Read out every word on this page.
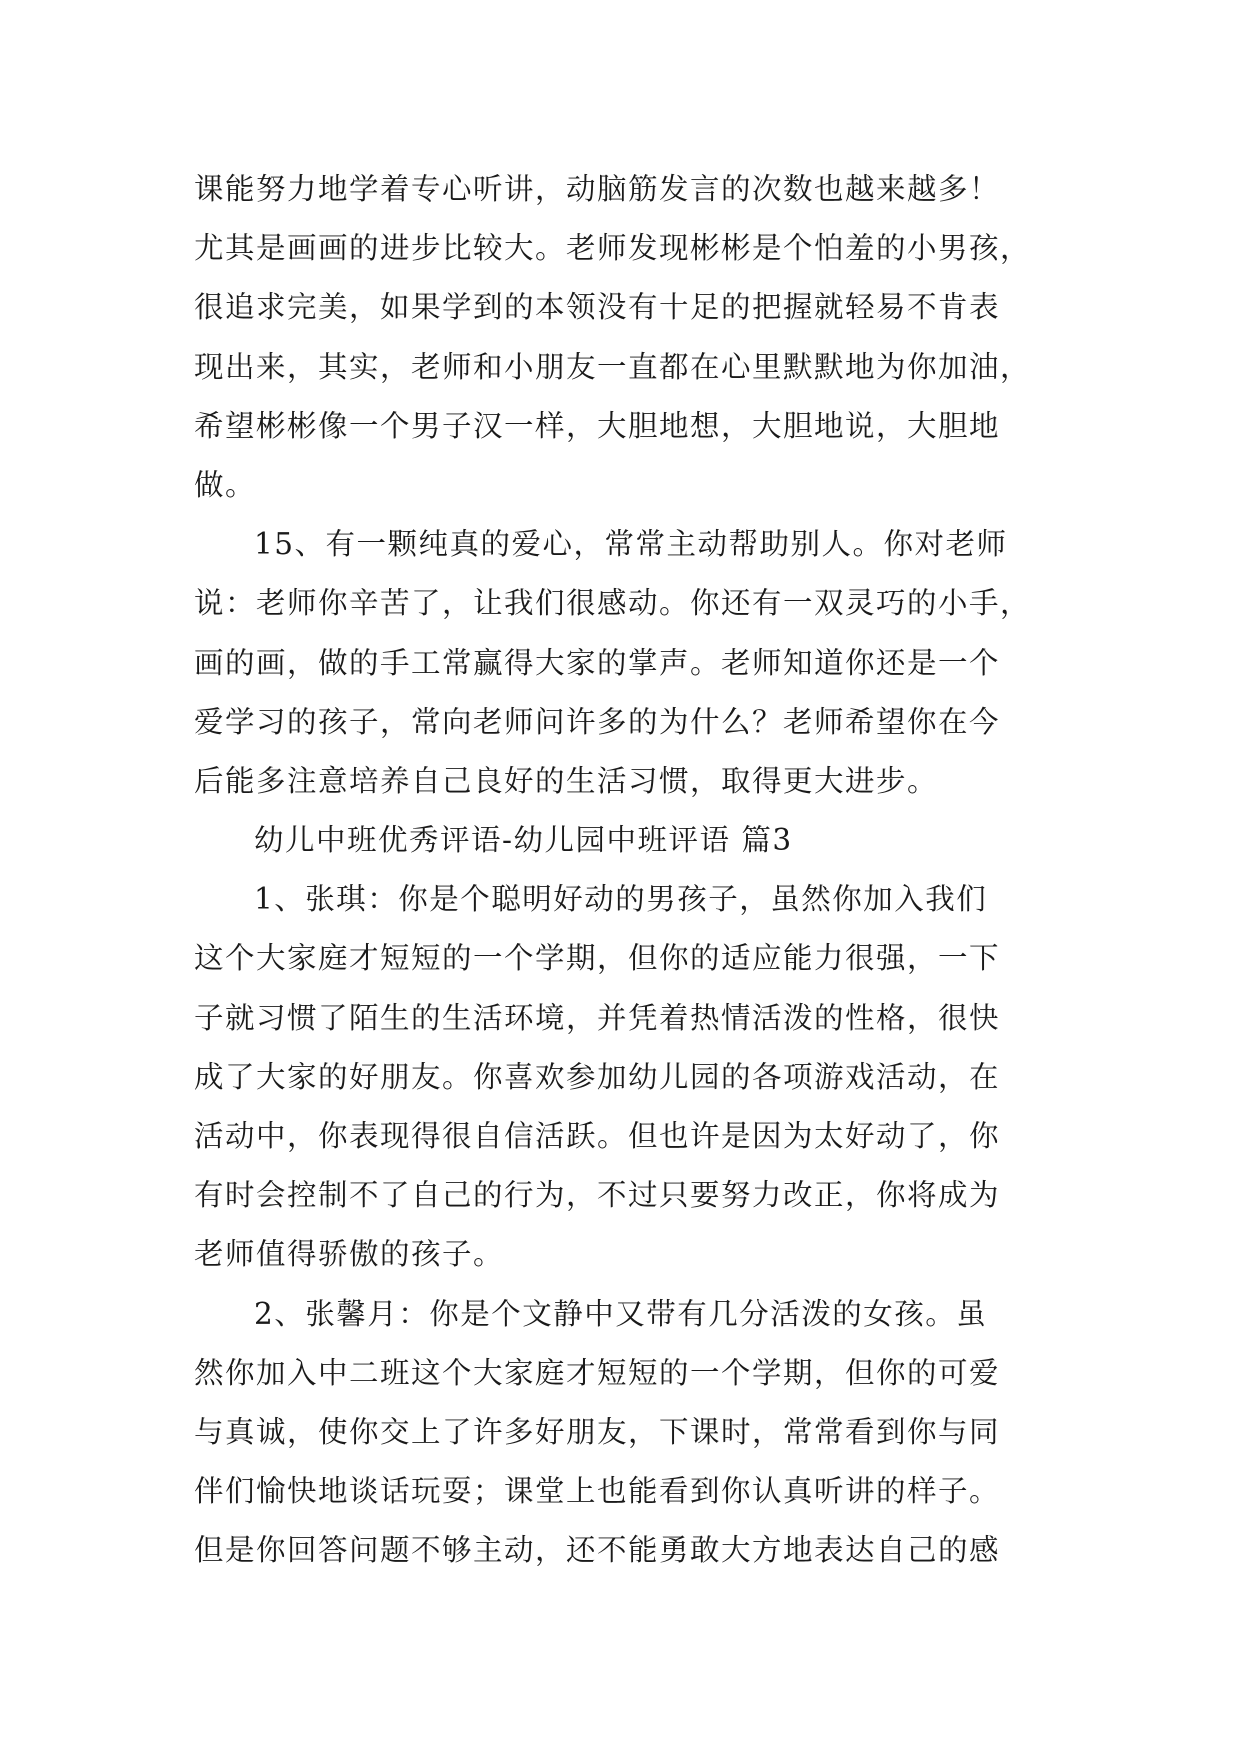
课能努力地学着专心听讲，动脑筋发言的次数也越来越多！
尤其是画画的进步比较大。老师发现彬彬是个怕羞的小男孩，
很追求完美，如果学到的本领没有十足的把握就轻易不肯表
现出来，其实，老师和小朋友一直都在心里默默地为你加油，
希望彬彬像一个男子汉一样，大胆地想，大胆地说，大胆地
做。
15、有一颗纯真的爱心，常常主动帮助别人。你对老师
说：老师你辛苦了，让我们很感动。你还有一双灵巧的小手，
画的画，做的手工常赢得大家的掌声。老师知道你还是一个
爱学习的孩子，常向老师问许多的为什么？老师希望你在今
后能多注意培养自己良好的生活习惯，取得更大进步。
幼儿中班优秀评语-幼儿园中班评语 篇3
1、张琪：你是个聪明好动的男孩子，虽然你加入我们
这个大家庭才短短的一个学期，但你的适应能力很强，一下
子就习惯了陌生的生活环境，并凭着热情活泼的性格，很快
成了大家的好朋友。你喜欢参加幼儿园的各项游戏活动，在
活动中，你表现得很自信活跃。但也许是因为太好动了，你
有时会控制不了自己的行为，不过只要努力改正，你将成为
老师值得骄傲的孩子。
2、张馨月：你是个文静中又带有几分活泼的女孩。虽
然你加入中二班这个大家庭才短短的一个学期，但你的可爱
与真诚，使你交上了许多好朋友，下课时，常常看到你与同
伴们愉快地谈话玩耍；课堂上也能看到你认真听讲的样子。
但是你回答问题不够主动，还不能勇敢大方地表达自己的感
